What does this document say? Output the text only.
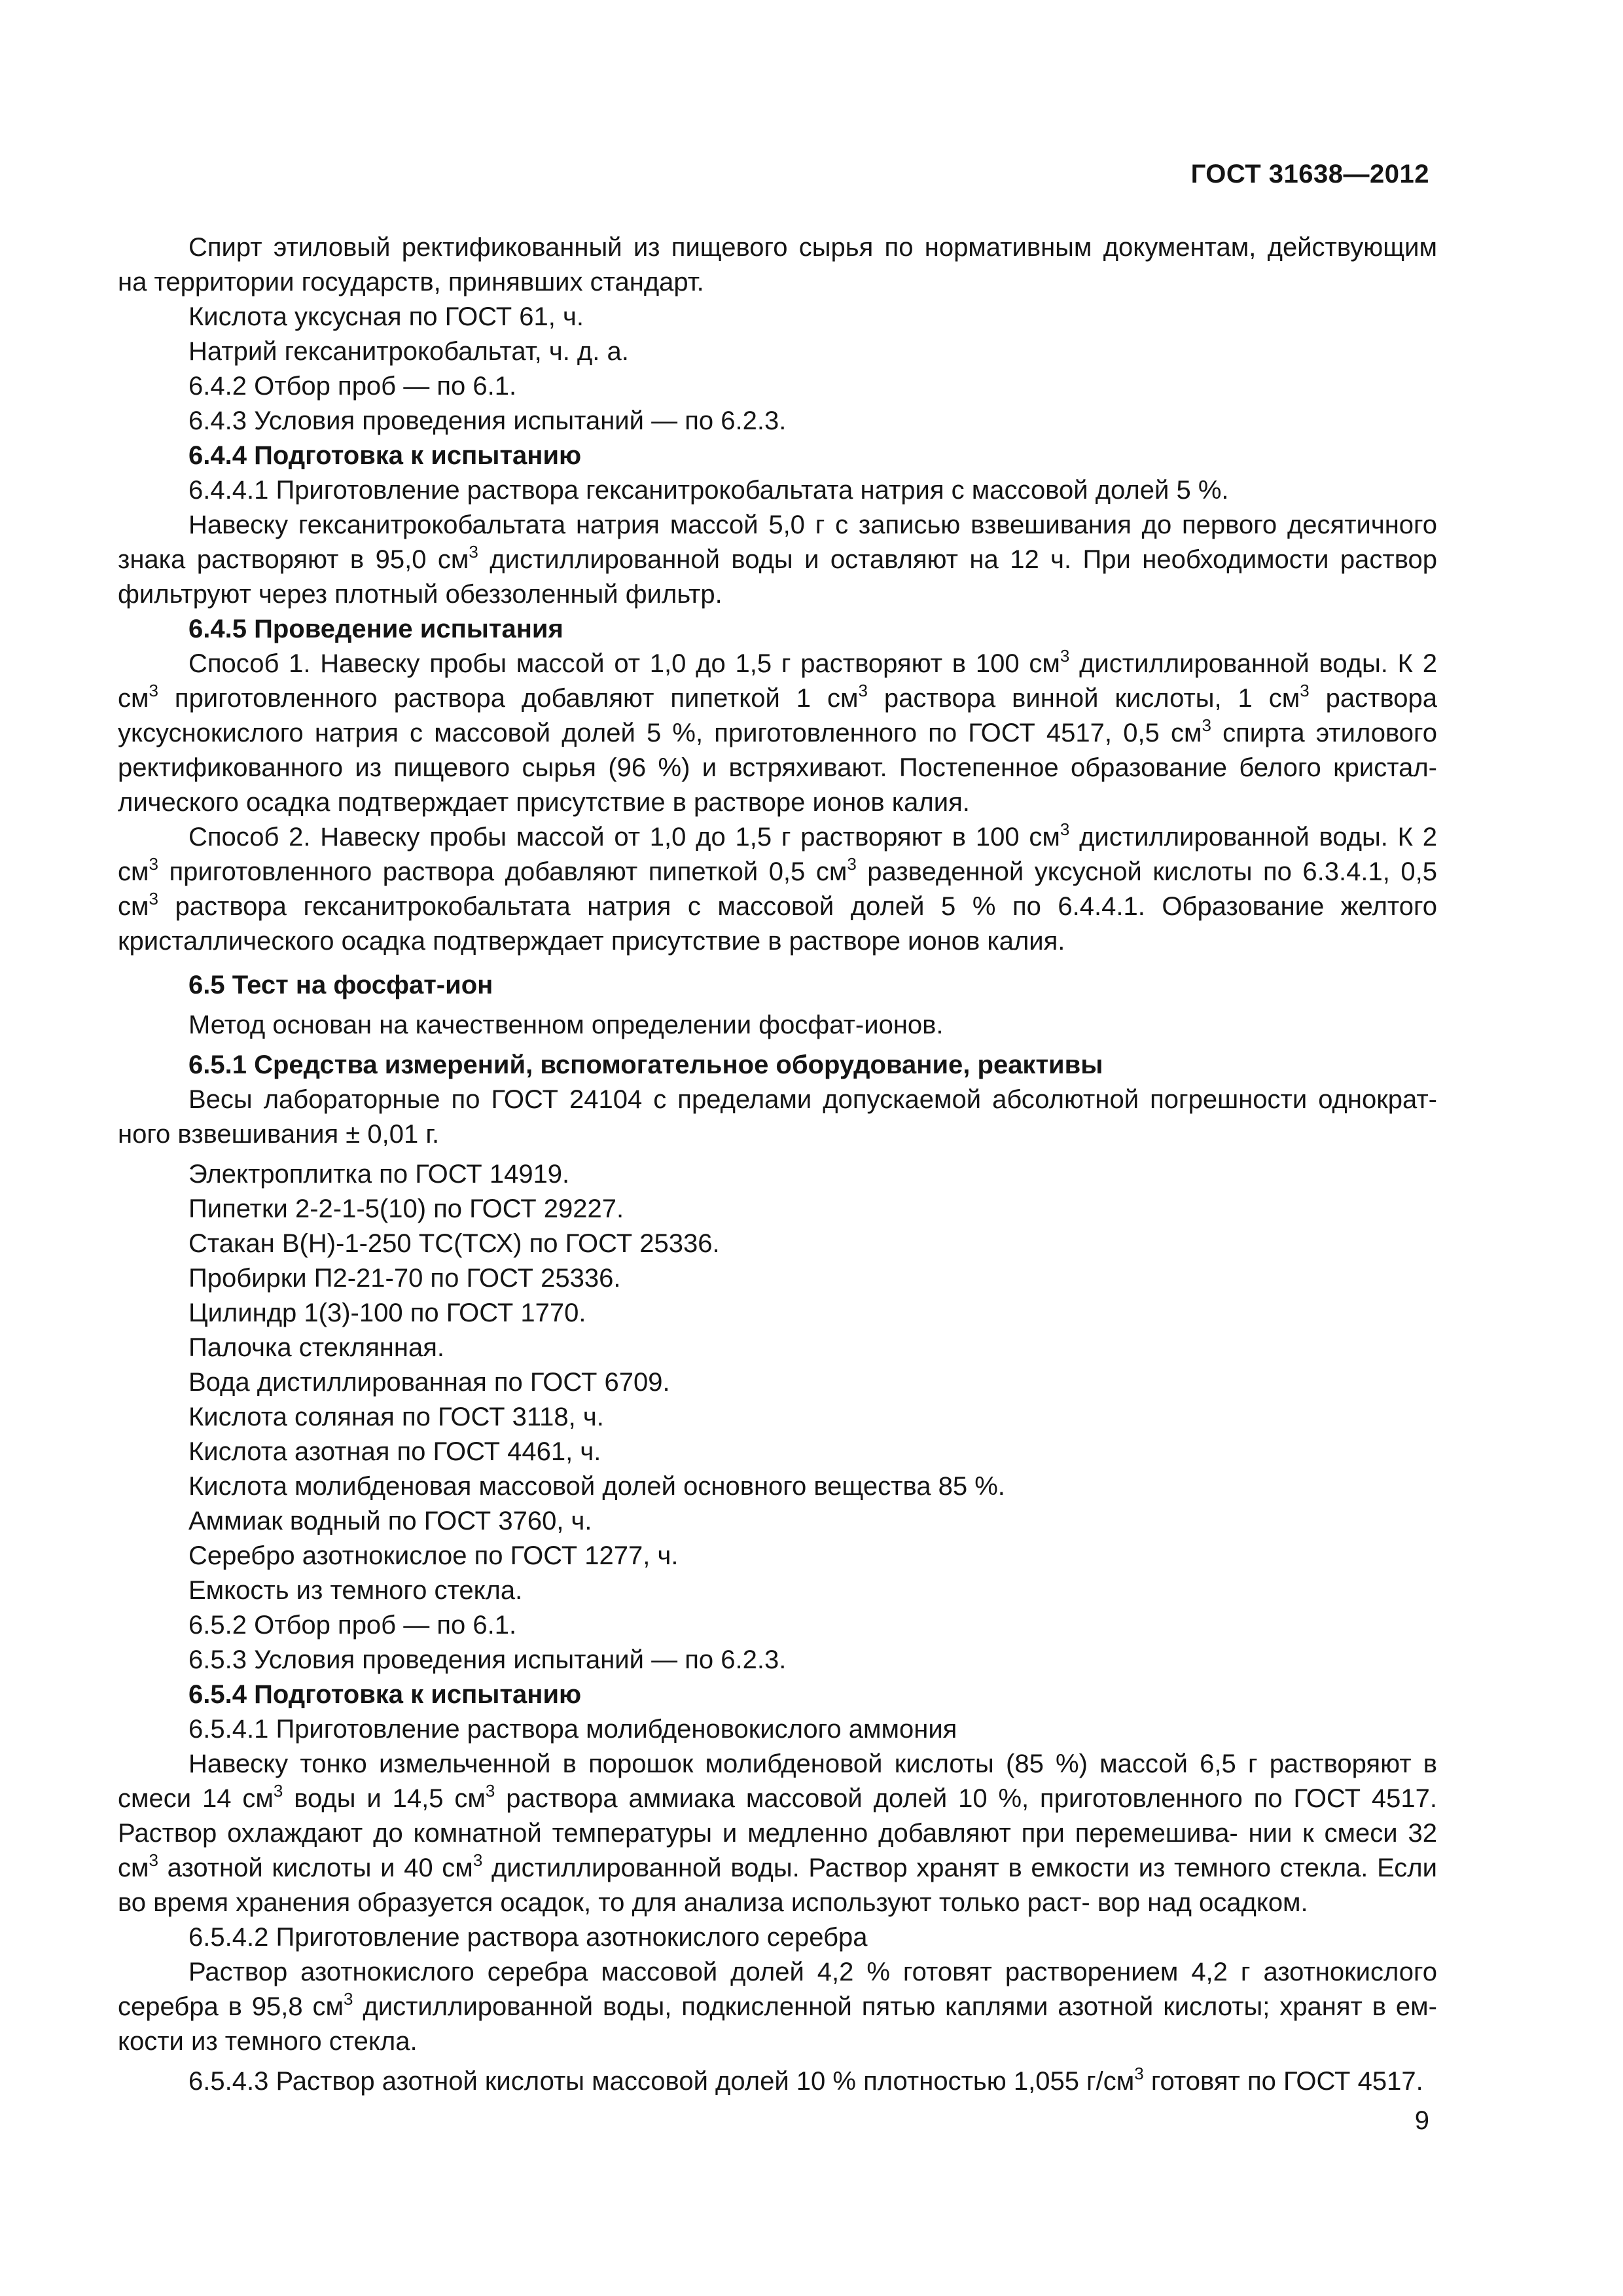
ГОСТ 31638—2012

Спирт этиловый ректификованный из пищевого сырья по нормативным документам, действующим на территории государств, принявших стандарт.

Кислота уксусная по ГОСТ 61, ч.

Натрий гексанитрокобальтат, ч. д. а.

6.4.2 Отбор проб — по 6.1.

6.4.3 Условия проведения испытаний — по 6.2.3.

6.4.4 Подготовка к испытанию

6.4.4.1 Приготовление раствора гексанитрокобальтата натрия с массовой долей 5 %.

Навеску гексанитрокобальтата натрия массой 5,0 г с записью взвешивания до первого десятичного знака растворяют в 95,0 $см^3$ дистиллированной воды и оставляют на 12 ч. При необходимости раствор фильтруют через плотный обеззоленный фильтр.

6.4.5 Проведение испытания

Способ 1. Навеску пробы массой от 1,0 до 1,5 г растворяют в 100 $см^3$ дистиллированной воды. К 2 $см^3$ приготовленного раствора добавляют пипеткой 1 $см^3$ раствора винной кислоты, 1 $см^3$ раствора уксуснокислого натрия с массовой долей 5 %, приготовленного по ГОСТ 4517, 0,5 $см^3$ спирта этилового ректификованного из пищевого сырья (96 %) и встряхивают. Постепенное образование белого кристал- лического осадка подтверждает присутствие в растворе ионов калия.

Способ 2. Навеску пробы массой от 1,0 до 1,5 г растворяют в 100 $см^3$ дистиллированной воды. К 2 $см^3$ приготовленного раствора добавляют пипеткой 0,5 $см^3$ разведенной уксусной кислоты по 6.3.4.1, 0,5 $см^3$ раствора гексанитрокобальтата натрия с массовой долей 5 % по 6.4.4.1. Образование желтого кристаллического осадка подтверждает присутствие в растворе ионов калия.

6.5 Тест на фосфат-ион

Метод основан на качественном определении фосфат-ионов.

6.5.1 Средства измерений, вспомогательное оборудование, реактивы

Весы лабораторные по ГОСТ 24104 с пределами допускаемой абсолютной погрешности однократ- ного взвешивания ± 0,01 г.

Электроплитка по ГОСТ 14919.

Пипетки 2-2-1-5(10) по ГОСТ 29227.

Стакан В(Н)-1-250 ТС(ТСХ) по ГОСТ 25336.

Пробирки П2-21-70 по ГОСТ 25336.

Цилиндр 1(3)-100 по ГОСТ 1770.

Палочка стеклянная.

Вода дистиллированная по ГОСТ 6709.

Кислота соляная по ГОСТ 3118, ч.

Кислота азотная по ГОСТ 4461, ч.

Кислота молибденовая массовой долей основного вещества 85 %.

Аммиак водный по ГОСТ 3760, ч.

Серебро азотнокислое по ГОСТ 1277, ч.

Емкость из темного стекла.

6.5.2 Отбор проб — по 6.1.

6.5.3 Условия проведения испытаний — по 6.2.3.

6.5.4 Подготовка к испытанию

6.5.4.1 Приготовление раствора молибденовокислого аммония

Навеску тонко измельченной в порошок молибденовой кислоты (85 %) массой 6,5 г растворяют в смеси 14 $см^3$ воды и 14,5 $см^3$ раствора аммиака массовой долей 10 %, приготовленного по ГОСТ 4517. Раствор охлаждают до комнатной температуры и медленно добавляют при перемешива- нии к смеси 32 $см^3$ азотной кислоты и 40 $см^3$ дистиллированной воды. Раствор хранят в емкости из темного стекла. Если во время хранения образуется осадок, то для анализа используют только раст- вор над осадком.

6.5.4.2 Приготовление раствора азотнокислого серебра

Раствор азотнокислого серебра массовой долей 4,2 % готовят растворением 4,2 г азотнокислого серебра в 95,8 $см^3$ дистиллированной воды, подкисленной пятью каплями азотной кислоты; хранят в ем- кости из темного стекла.

6.5.4.3 Раствор азотной кислоты массовой долей 10 % плотностью 1,055 $г/см^3$ готовят по ГОСТ 4517.

9
